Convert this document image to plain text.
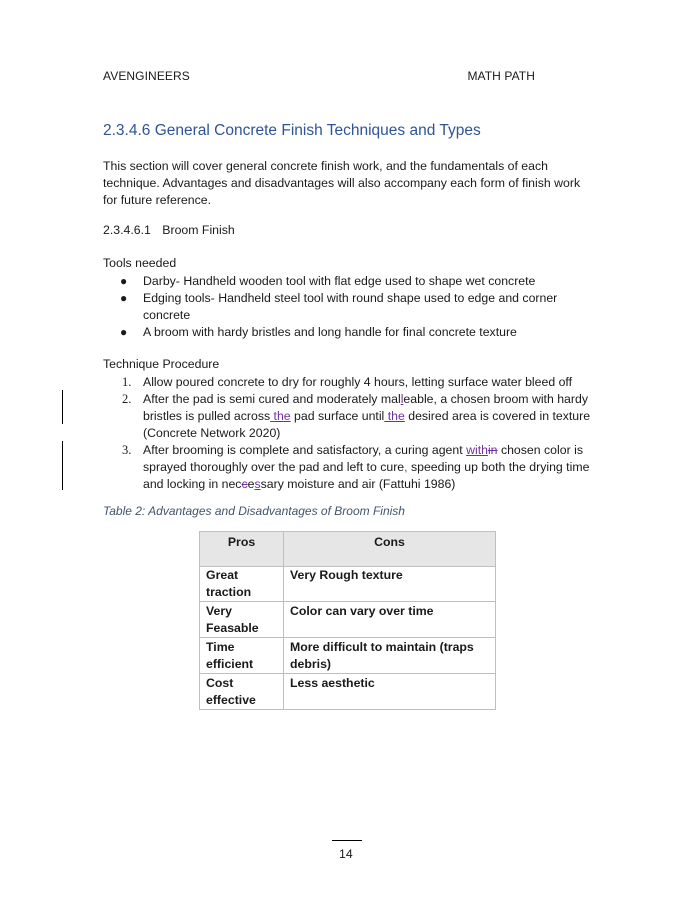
AVENGINEERS	MATH PATH
2.3.4.6 General Concrete Finish Techniques and Types
This section will cover general concrete finish work, and the fundamentals of each technique. Advantages and disadvantages will also accompany each form of finish work for future reference.
2.3.4.6.1 Broom Finish
Tools needed
● Darby- Handheld wooden tool with flat edge used to shape wet concrete
● Edging tools- Handheld steel tool with round shape used to edge and corner concrete
● A broom with hardy bristles and long handle for final concrete texture
Technique Procedure
1. Allow poured concrete to dry for roughly 4 hours, letting surface water bleed off
2. After the pad is semi cured and moderately malleable, a chosen broom with hardy bristles is pulled across the pad surface until the desired area is covered in texture (Concrete Network 2020)
3. After brooming is complete and satisfactory, a curing agent within chosen color is sprayed thoroughly over the pad and left to cure, speeding up both the drying time and locking in neccessary moisture and air (Fattuhi 1986)
Table 2: Advantages and Disadvantages of Broom Finish
Pros	Cons
Great traction	Very Rough texture
Very Feasable	Color can vary over time
Time efficient	More difficult to maintain (traps debris)
Cost effective	Less aesthetic
14
